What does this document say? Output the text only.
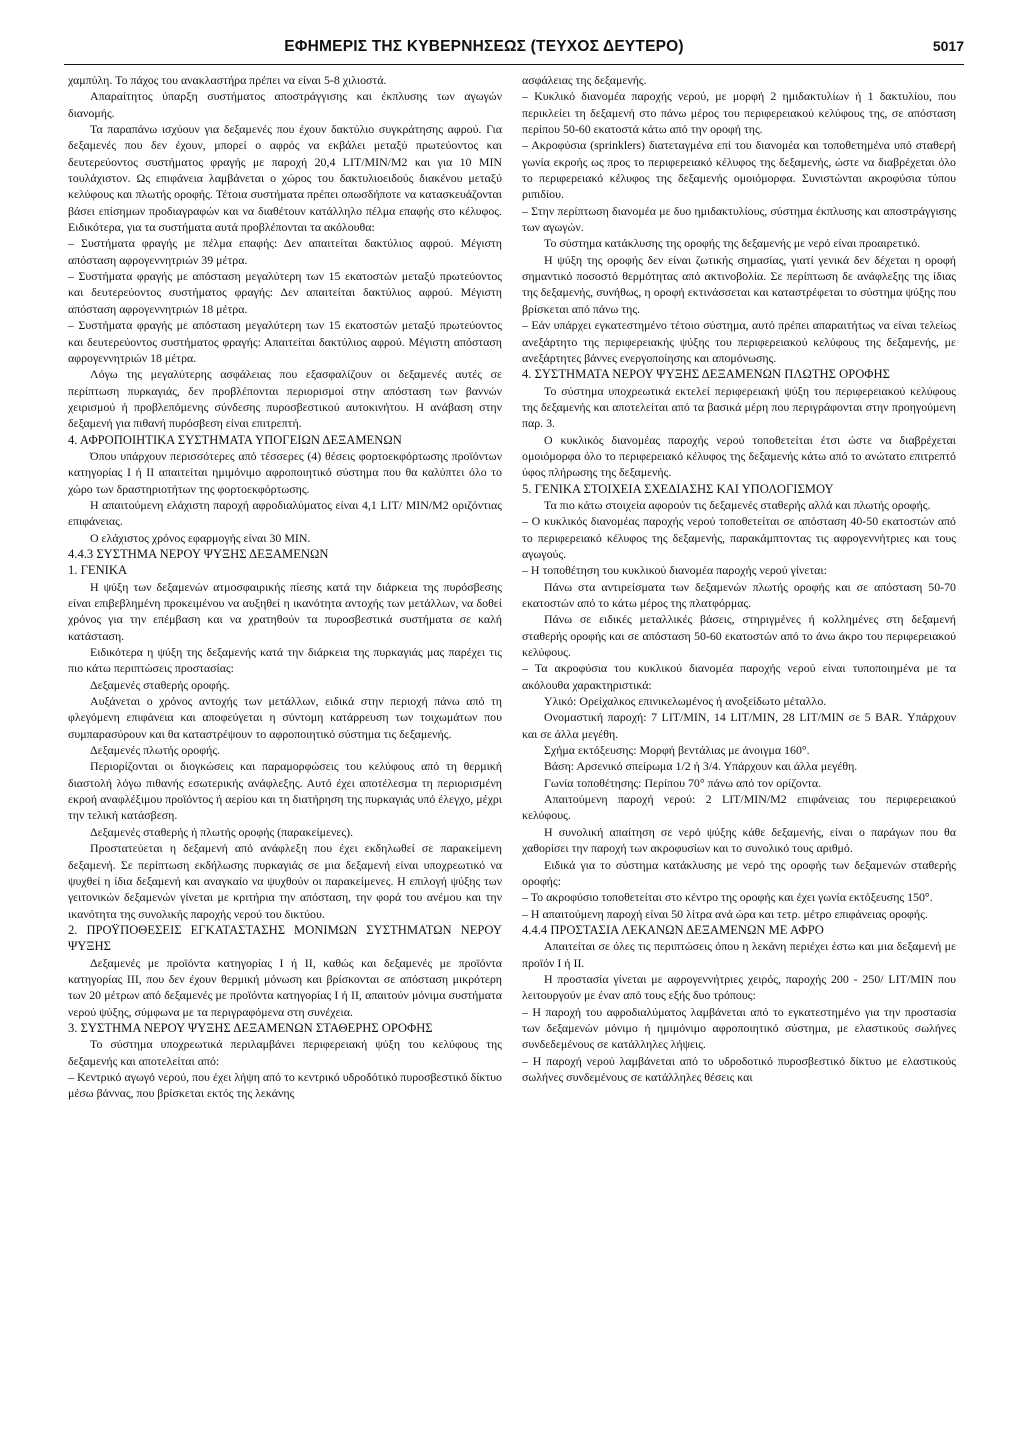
ΕΦΗΜΕΡΙΣ ΤΗΣ ΚΥΒΕΡΝΗΣΕΩΣ (ΤΕΥΧΟΣ ΔΕΥΤΕΡΟ)	5017

χαμπύλη. Το πάχος του ανακλαστήρα πρέπει να είναι 5-8 χιλιοστά.

Απαραίτητος ύπαρξη συστήματος αποστράγγισης και έκπλυσης των αγωγών διανομής.

Τα παραπάνω ισχύουν για δεξαμενές που έχουν δακτύλιο συγκράτησης αφρού. Για δεξαμενές που δεν έχουν, μπορεί ο αφρός να εκβάλει μεταξύ πρωτεύοντος και δευτερεύοντος συστήματος φραγής με παροχή 20,4 LIT/MIN/M2 και για 10 MIN τουλάχιστον. Ως επιφάνεια λαμβάνεται ο χώρος του δακτυλιοειδούς διακένου μεταξύ κελύφους και πλωτής οροφής. Τέτοια συστήματα πρέπει οπωσδήποτε να κατασκευάζονται βάσει επίσημων προδιαγραφών και να διαθέτουν κατάλληλο πέλμα επαφής στο κέλυφος. Ειδικότερα, για τα συστήματα αυτά προβλέπονται τα ακόλουθα:

– Συστήματα φραγής με πέλμα επαφής: Δεν απαιτείται δακτύλιος αφρού. Μέγιστη απόσταση αφρογεννητριών 39 μέτρα.

– Συστήματα φραγής με απόσταση μεγαλύτερη των 15 εκατοστών μεταξύ πρωτεύοντος και δευτερεύοντος συστήματος φραγής: Δεν απαιτείται δακτύλιος αφρού. Μέγιστη απόσταση αφρογεννητριών 18 μέτρα.

– Συστήματα φραγής με απόσταση μεγαλύτερη των 15 εκατοστών μεταξύ πρωτεύοντος και δευτερεύοντος συστήματος φραγής: Απαιτείται δακτύλιος αφρού. Μέγιστη απόσταση αφρογεννητριών 18 μέτρα.

Λόγω της μεγαλύτερης ασφάλειας που εξασφαλίζουν οι δεξαμενές αυτές σε περίπτωση πυρκαγιάς, δεν προβλέπονται περιορισμοί στην απόσταση των βαννών χειρισμού ή προβλεπόμενης σύνδεσης πυροσβεστικού αυτοκινήτου. Η ανάβαση στην δεξαμενή για πιθανή πυρόσβεση είναι επιτρεπτή.

4. ΑΦΡΟΠΟΙΗΤΙΚΑ ΣΥΣΤΗΜΑΤΑ ΥΠΟΓΕΙΩΝ ΔΕΞΑΜΕΝΩΝ

Όπου υπάρχουν περισσότερες από τέσσερες (4) θέσεις φορτοεκφόρτωσης προϊόντων κατηγορίας Ι ή ΙΙ απαιτείται ημιμόνιμο αφροποιητικό σύστημα που θα καλύπτει όλο το χώρο των δραστηριοτήτων της φορτοεκφόρτωσης.

Η απαιτούμενη ελάχιστη παροχή αφροδιαλύματος είναι 4,1 LIT/ MIN/M2 οριζόντιας επιφάνειας.

Ο ελάχιστος χρόνος εφαρμογής είναι 30 MIN.

4.4.3 ΣΥΣΤΗΜΑ ΝΕΡΟΥ ΨΥΞΗΣ ΔΕΞΑΜΕΝΩΝ

1. ΓΕΝΙΚΑ

Η ψύξη των δεξαμενών ατμοσφαιρικής πίεσης κατά την διάρκεια της πυρόσβεσης είναι επιβεβλημένη προκειμένου να αυξηθεί η ικανότητα αντοχής των μετάλλων, να δοθεί χρόνος για την επέμβαση και να χρατηθούν τα πυροσβεστικά συστήματα σε καλή κατάσταση.

Ειδικότερα η ψύξη της δεξαμενής κατά την διάρκεια της πυρκαγιάς μας παρέχει τις πιο κάτω περιπτώσεις προστασίας:

Δεξαμενές σταθερής οροφής.

Αυξάνεται ο χρόνος αντοχής των μετάλλων, ειδικά στην περιοχή πάνω από τη φλεγόμενη επιφάνεια και αποφεύγεται η σύντομη κατάρρευση των τοιχωμάτων που συμπαρασύρουν και θα καταστρέψουν το αφροποιητικό σύστημα τις δεξαμενής.

Δεξαμενές πλωτής οροφής.

Περιορίζονται οι διογκώσεις και παραμορφώσεις του κελύφους από τη θερμική διαστολή λόγω πιθανής εσωτερικής ανάφλεξης. Αυτό έχει αποτέλεσμα τη περιορισμένη εκροή αναφλέξιμου προϊόντος ή αερίου και τη διατήρηση της πυρκαγιάς υπό έλεγχο, μέχρι την τελική κατάσβεση.

Δεξαμενές σταθερής ή πλωτής οροφής (παρακείμενες).

Προστατεύεται η δεξαμενή από ανάφλεξη που έχει εκδηλωθεί σε παρακείμενη δεξαμενή. Σε περίπτωση εκδήλωσης πυρκαγιάς σε μια δεξαμενή είναι υποχρεωτικό να ψυχθεί η ίδια δεξαμενή και αναγκαίο να ψυχθούν οι παρακείμενες. Η επιλογή ψύξης των γειτονικών δεξαμενών γίνεται με κριτήρια την απόσταση, την φορά του ανέμου και την ικανότητα της συνολικής παροχής νερού του δικτύου.

2. ΠΡΟΫΠΟΘΕΣΕΙΣ ΕΓΚΑΤΑΣΤΑΣΗΣ ΜΟΝΙΜΩΝ ΣΥΣΤΗΜΑΤΩΝ ΝΕΡΟΥ ΨΥΞΗΣ

Δεξαμενές με προϊόντα κατηγορίας Ι ή ΙΙ, καθώς και δεξαμενές με προϊόντα κατηγορίας ΙΙΙ, που δεν έχουν θερμική μόνωση και βρίσκονται σε απόσταση μικρότερη των 20 μέτρων από δεξαμενές με προϊόντα κατηγορίας Ι ή ΙΙ, απαιτούν μόνιμα συστήματα νερού ψύξης, σύμφωνα με τα περιγραφόμενα στη συνέχεια.

3. ΣΥΣΤΗΜΑ ΝΕΡΟΥ ΨΥΞΗΣ ΔΕΞΑΜΕΝΩΝ ΣΤΑΘΕΡΗΣ ΟΡΟΦΗΣ

Το σύστημα υποχρεωτικά περιλαμβάνει περιφερειακή ψύξη του κελύφους της δεξαμενής και αποτελείται από:

– Κεντρικό αγωγό νερού, που έχει λήψη από το κεντρικό υδροδότικό πυροσβεστικό δίκτυο μέσω βάννας, που βρίσκεται εκτός της λεκάνης

ασφάλειας της δεξαμενής.

– Κυκλικό διανομέα παροχής νερού, με μορφή 2 ημιδακτυλίων ή 1 δακτυλίου, που περικλείει τη δεξαμενή στο πάνω μέρος του περιφερειακού κελύφους της, σε απόσταση περίπου 50-60 εκατοστά κάτω από την οροφή της.

– Ακροφύσια (sprinklers) διατεταγμένα επί του διανομέα και τοποθετημένα υπό σταθερή γωνία εκροής ως προς το περιφερειακό κέλυφος της δεξαμενής, ώστε να διαβρέχεται όλο το περιφερειακό κέλυφος της δεξαμενής ομοιόμορφα. Συνιστώνται ακροφύσια τύπου ριπιδίου.

– Στην περίπτωση διανομέα με δυο ημιδακτυλίους, σύστημα έκπλυσης και αποστράγγισης των αγωγών.

Το σύστημα κατάκλυσης της οροφής της δεξαμενής με νερό είναι προαιρετικό.

Η ψύξη της οροφής δεν είναι ζωτικής σημασίας, γιατί γενικά δεν δέχεται η οροφή σημαντικό ποσοστό θερμότητας από ακτινοβολία. Σε περίπτωση δε ανάφλεξης της ίδιας της δεξαμενής, συνήθως, η οροφή εκτινάσσεται και καταστρέφεται το σύστημα ψύξης που βρίσκεται από πάνω της.

– Εάν υπάρχει εγκατεστημένο τέτοιο σύστημα, αυτό πρέπει απαραιτήτως να είναι τελείως ανεξάρτητο της περιφερειακής ψύξης του περιφερειακού κελύφους της δεξαμενής, με ανεξάρτητες βάννες ενεργοποίησης και απομόνωσης.

4. ΣΥΣΤΗΜΑΤΑ ΝΕΡΟΥ ΨΥΞΗΣ ΔΕΞΑΜΕΝΩΝ ΠΛΩΤΗΣ ΟΡΟΦΗΣ

Το σύστημα υποχρεωτικά εκτελεί περιφερειακή ψύξη του περιφερειακού κελύφους της δεξαμενής και αποτελείται από τα βασικά μέρη που περιγράφονται στην προηγούμενη παρ. 3.

Ο κυκλικός διανομέας παροχής νερού τοποθετείται έτσι ώστε να διαβρέχεται ομοιόμορφα όλο το περιφερειακό κέλυφος της δεξαμενής κάτω από το ανώτατο επιτρεπτό ύφος πλήρωσης της δεξαμενής.

5. ΓΕΝΙΚΑ ΣΤΟΙΧΕΙΑ ΣΧΕΔΙΑΣΗΣ ΚΑΙ ΥΠΟΛΟΓΙΣΜΟΥ

Τα πιο κάτω στοιχεία αφορούν τις δεξαμενές σταθερής αλλά και πλωτής οροφής.

– Ο κυκλικός διανομέας παροχής νερού τοποθετείται σε απόσταση 40-50 εκατοστών από το περιφερειακό κέλυφος της δεξαμενής, παρακάμπτοντας τις αφρογεννήτριες και τους αγωγούς.

– Η τοποθέτηση του κυκλικού διανομέα παροχής νερού γίνεται:

Πάνω στα αντιρείσματα των δεξαμενών πλωτής οροφής και σε απόσταση 50-70 εκατοστών από το κάτω μέρος της πλατφόρμας.

Πάνω σε ειδικές μεταλλικές βάσεις, στηριγμένες ή κολλημένες στη δεξαμενή σταθερής οροφής και σε απόσταση 50-60 εκατοστών από το άνω άκρο του περιφερειακού κελύφους.

– Τα ακροφύσια του κυκλικού διανομέα παροχής νερού είναι τυποποιημένα με τα ακόλουθα χαρακτηριστικά:

Υλικό: Ορείχαλκος επινικελωμένος ή ανοξείδωτο μέταλλο.

Ονομαστική παροχή: 7 LIT/MIN, 14 LIT/MIN, 28 LIT/MIN σε 5 BAR. Υπάρχουν και σε άλλα μεγέθη.

Σχήμα εκτόξευσης: Μορφή βεντάλιας με άνοιγμα 160°.

Βάση: Αρσενικό σπείρωμα 1/2 ή 3/4. Υπάρχουν και άλλα μεγέθη.

Γωνία τοποθέτησης: Περίπου 70° πάνω από τον ορίζοντα.

Απαιτούμενη παροχή νερού: 2 LIT/MIN/M2 επιφάνειας του περιφερειακού κελύφους.

Η συνολική απαίτηση σε νερό ψύξης κάθε δεξαμενής, είναι ο παράγων που θα χαθορίσει την παροχή των ακροφυσίων και το συνολικό τους αριθμό.

Ειδικά για το σύστημα κατάκλυσης με νερό της οροφής των δεξαμενών σταθερής οροφής:

– Το ακροφύσιο τοποθετείται στο κέντρο της οροφής και έχει γωνία εκτόξευσης 150°.

– Η απαιτούμενη παροχή είναι 50 λίτρα ανά ώρα και τετρ. μέτρο επιφάνειας οροφής.

4.4.4 ΠΡΟΣΤΑΣΙΑ ΛΕΚΑΝΩΝ ΔΕΞΑΜΕΝΩΝ ΜΕ ΑΦΡΟ

Απαιτείται σε όλες τις περιπτώσεις όπου η λεκάνη περιέχει έστω και μια δεξαμενή με προϊόν Ι ή ΙΙ.

Η προστασία γίνεται με αφρογεννήτριες χειρός, παροχής 200 - 250/ LIT/MIN που λειτουργούν με έναν από τους εξής δυο τρόπους:

– Η παροχή του αφροδιαλύματος λαμβάνεται από το εγκατεστημένο για την προστασία των δεξαμενών μόνιμο ή ημιμόνιμο αφροποιητικό σύστημα, με ελαστικούς σωλήνες συνδεδεμένους σε κατάλληλες λήψεις.

– Η παροχή νερού λαμβάνεται από το υδροδοτικό πυροσβεστικό δίκτυο με ελαστικούς σωλήνες συνδεμένους σε κατάλληλες θέσεις και
